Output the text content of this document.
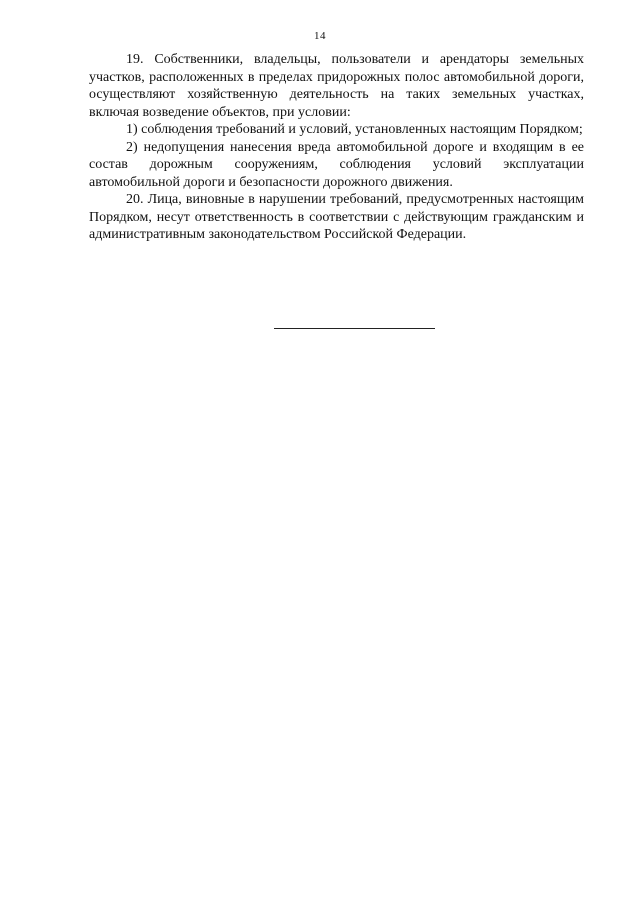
14

19. Собственники, владельцы, пользователи и арендаторы земельных участков, расположенных в пределах придорожных полос автомобильной дороги, осуществляют хозяйственную деятельность на таких земельных участках, включая возведение объектов, при условии:

1) соблюдения требований и условий, установленных настоящим Порядком;

2) недопущения нанесения вреда автомобильной дороге и входящим в ее состав дорожным сооружениям, соблюдения условий эксплуатации автомобильной дороги и безопасности дорожного движения.

20. Лица, виновные в нарушении требований, предусмотренных настоящим Порядком, несут ответственность в соответствии с действующим гражданским и административным законодательством Российской Федерации.
